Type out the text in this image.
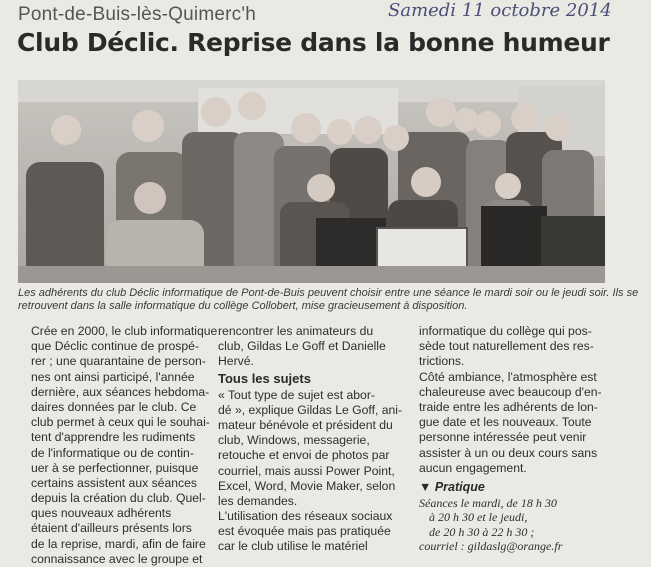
Pont-de-Buis-lès-Quimerc'h	Samedi 11 octobre 2014
Club Déclic. Reprise dans la bonne humeur
Les adhérents du club Déclic informatique de Pont-de-Buis peuvent choisir entre une séance le mardi soir ou le jeudi soir. Ils se
retrouvent dans la salle informatique du collège Collobert, mise gracieusement à disposition.
Crée en 2000, le club informatique
que Déclic continue de prospé-
rer ; une quarantaine de person-
nes ont ainsi participé, l'année
dernière, aux séances hebdoma-
daires données par le club. Ce
club permet à ceux qui le souhai-
tent d'apprendre les rudiments
de l'informatique ou de contin-
uer à se perfectionner, puisque
certains assistent aux séances
depuis la création du club. Quel-
ques nouveaux adhérents
étaient d'ailleurs présents lors
de la reprise, mardi, afin de faire
connaissance avec le groupe et
rencontrer les animateurs du
club, Gildas Le Goff et Danielle
Hervé.
Tous les sujets
« Tout type de sujet est abor-
dé », explique Gildas Le Goff, ani-
mateur bénévole et président du
club, Windows, messagerie,
retouche et envoi de photos par
courriel, mais aussi Power Point,
Excel, Word, Movie Maker, selon
les demandes.
L'utilisation des réseaux sociaux
est évoquée mais pas pratiquée
car le club utilise le matériel
informatique du collège qui pos-
sède tout naturellement des res-
trictions.
Côté ambiance, l'atmosphère est
chaleureuse avec beaucoup d'en-
traide entre les adhérents de lon-
gue date et les nouveaux. Toute
personne intéressée peut venir
assister à un ou deux cours sans
aucun engagement.
▼ Pratique
Séances le mardi, de 18 h 30
à 20 h 30 et le jeudi,
de 20 h 30 à 22 h 30 ;
courriel : gildaslg@orange.fr
